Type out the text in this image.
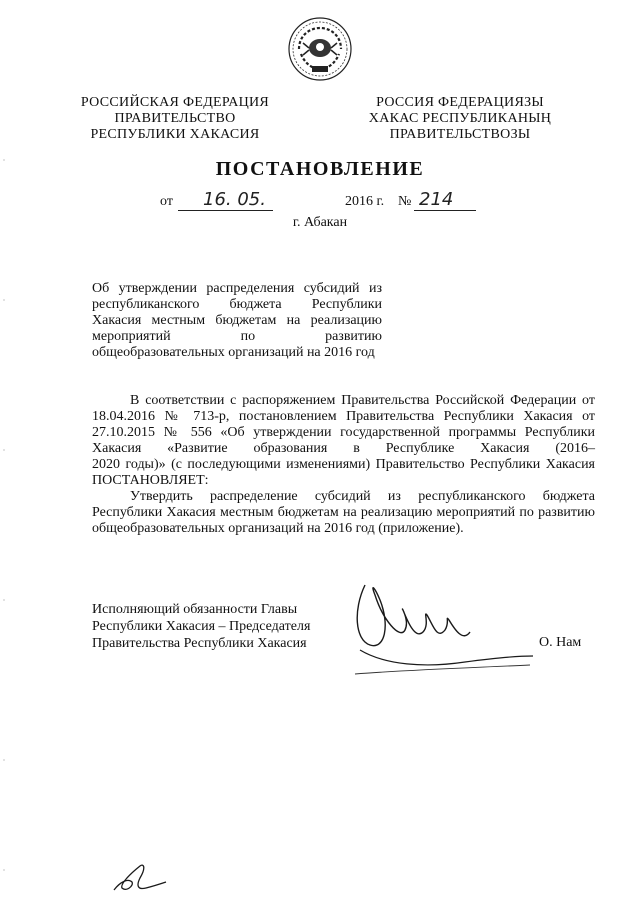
РОССИЙСКАЯ ФЕДЕРАЦИЯ
ПРАВИТЕЛЬСТВО
РЕСПУБЛИКИ ХАКАСИЯ
РОССИЯ ФЕДЕРАЦИЯЗЫ
ХАКАС РЕСПУБЛИКАНЫҢ
ПРАВИТЕЛЬСТВОЗЫ
ПОСТАНОВЛЕНИЕ
от 16. 05.	2016 г. № 214
г. Абакан
Об утверждении распределения субсидий из
республиканского бюджета Республики
Хакасия местным бюджетам на реализацию
мероприятий по развитию
общеобразовательных организаций на 2016 год
В соответствии с распоряжением Правительства Российской Федерации от
18.04.2016 № 713-р, постановлением Правительства Республики Хакасия от
27.10.2015 № 556 «Об утверждении государственной программы Республики
Хакасия «Развитие образования в Республике Хакасия (2016–
2020 годы)» (с последующими изменениями) Правительство Республики Хакасия
ПОСТАНОВЛЯЕТ:
Утвердить распределение субсидий из республиканского бюджета
Республики Хакасия местным бюджетам на реализацию мероприятий по развитию
общеобразовательных организаций на 2016 год (приложение).
Исполняющий обязанности Главы
Республики Хакасия – Председателя
Правительства Республики Хакасия	О. Нам
